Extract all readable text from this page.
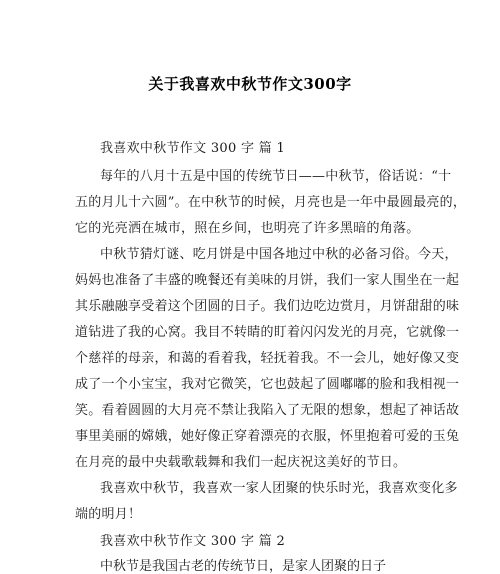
关于我喜欢中秋节作文300字
我喜欢中秋节作文 300 字 篇 1
每年的八月十五是中国的传统节日——中秋节，俗话说：“十
五的月儿十六圆”。在中秋节的时候，月亮也是一年中最圆最亮的，
它的光亮洒在城市，照在乡间，也明亮了许多黑暗的角落。
中秋节猜灯谜、吃月饼是中国各地过中秋的必备习俗。今天，
妈妈也准备了丰盛的晚餐还有美味的月饼，我们一家人围坐在一起
其乐融融享受着这个团圆的日子。我们边吃边赏月，月饼甜甜的味
道钻进了我的心窝。我目不转睛的盯着闪闪发光的月亮，它就像一
个慈祥的母亲，和蔼的看着我，轻抚着我。不一会儿，她好像又变
成了一个小宝宝，我对它微笑，它也鼓起了圆嘟嘟的脸和我相视一
笑。看着圆圆的大月亮不禁让我陷入了无限的想象，想起了神话故
事里美丽的嫦娥，她好像正穿着漂亮的衣服，怀里抱着可爱的玉兔
在月亮的最中央载歌载舞和我们一起庆祝这美好的节日。
我喜欢中秋节，我喜欢一家人团聚的快乐时光，我喜欢变化多
端的明月！
我喜欢中秋节作文 300 字 篇 2
中秋节是我国古老的传统节日，是家人团聚的日子
